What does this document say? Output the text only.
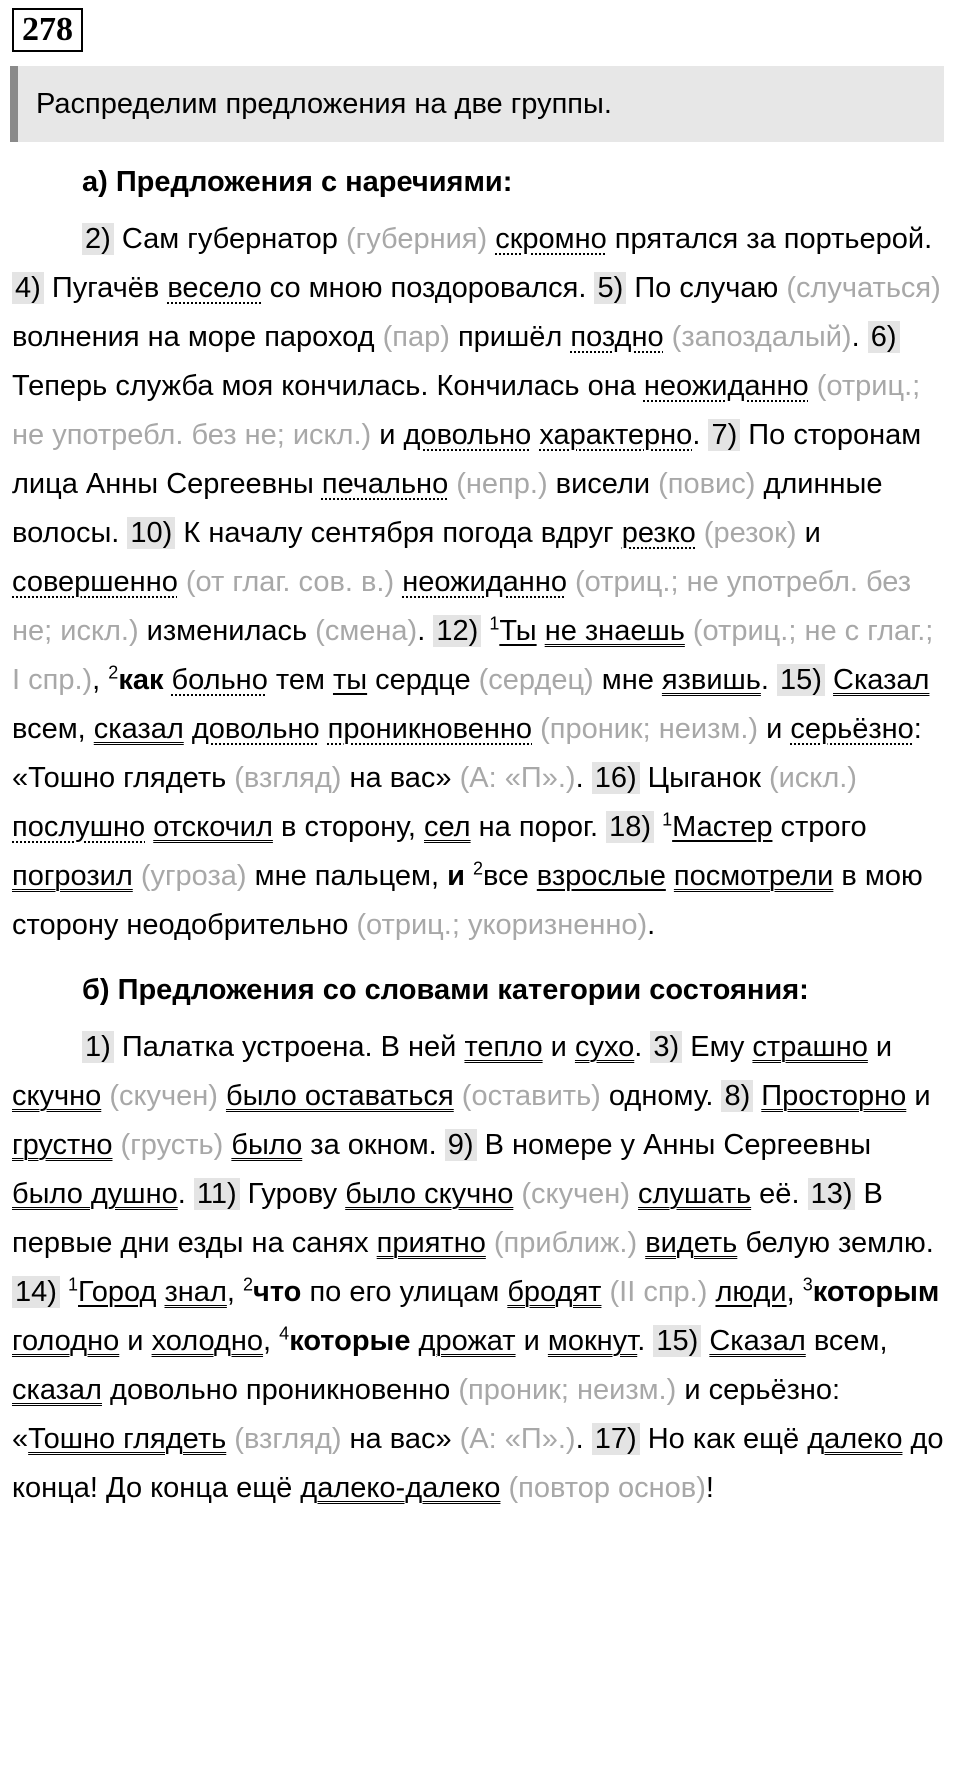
278
Распределим предложения на две группы.
а) Предложения с наречиями:
2) Сам губернатор (губерния) скромно прятался за портьерой.4) Пугачёв весело со мною поздоровался. 5) По случаю (случаться) волнения на море пароход (пар) пришёл поздно (запоздалый). 6) Теперь служба моя кончилась. Кончилась она неожиданно (отриц.; не употребл. без не; искл.) и довольно характерно. 7) По сторонам лица Анны Сергеевны печально (непр.) висели (повис) длинные волосы. 10) К началу сентября погода вдруг резко (резок) и совершенно (от глаг. сов. в.) неожиданно (отриц.; не употребл. без не; искл.) изменилась (смена). 12) $^1$Ты не знаешь (отриц.; не с глаг.; I спр.), $^2$как больно тем ты сердце (сердец) мне язвишь. 15) Сказал всем, сказал довольно проникновенно (проник; неизм.) и серьёзно: «Тошно глядеть (взгляд) на вас» (А: «П».). 16) Цыганок (искл.) послушно отскочил в сторону, сел на порог. 18) $^1$Мастер строго погрозил (угроза) мне пальцем, и $^2$все взрослые посмотрели в мою сторону неодобрительно (отриц.; укоризненно).
б) Предложения со словами категории состояния:
1) Палатка устроена. В ней тепло и сухо. 3) Ему страшно и скучно (скучен) было оставаться (оставить) одному. 8) Просторно и грустно (грусть) было за окном. 9) В номере у Анны Сергеевны было душно. 11) Гурову было скучно (скучен) слушать её. 13) В первые дни езды на санях приятно (приближ.) видеть белую землю.14) $^1$Город знал, $^2$что по его улицам бродят (II спр.) люди, $^3$которым голодно и холодно, $^4$которые дрожат и мокнут. 15) Сказал всем, сказал довольно проникновенно (проник; неизм.) и серьёзно: «Тошно глядеть (взгляд) на вас» (А: «П».). 17) Но как ещё далеко до конца! До конца ещё далеко-далеко (повтор основ)!
